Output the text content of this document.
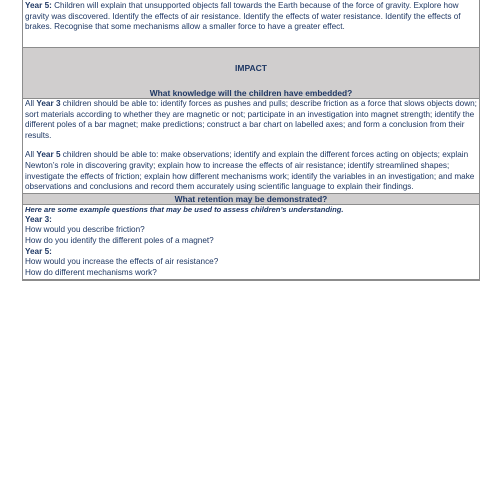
Year 5: Children will explain that unsupported objects fall towards the Earth because of the force of gravity. Explore how gravity was discovered. Identify the effects of air resistance. Identify the effects of water resistance. Identify the effects of brakes. Recognise that some mechanisms allow a smaller force to have a greater effect.
IMPACT
What knowledge will the children have embedded?

All Year 3 children should be able to: identify forces as pushes and pulls; describe friction as a force that slows objects down; sort materials according to whether they are magnetic or not; participate in an investigation into magnet strength; identify the different poles of a bar magnet; make predictions; construct a bar chart on labelled axes; and form a conclusion from their results.

All Year 5 children should be able to: make observations; identify and explain the different forces acting on objects; explain Newton’s role in discovering gravity; explain how to increase the effects of air resistance; identify streamlined shapes; investigate the effects of friction; explain how different mechanisms work; identify the variables in an investigation; and make observations and conclusions and record them accurately using scientific language to explain their findings.

What retention may be demonstrated?

Here are some example questions that may be used to assess children’s understanding.

Year 3:

How would you describe friction?

How do you identify the different poles of a magnet?

Year 5:

How would you increase the effects of air resistance?

How do different mechanisms work?
